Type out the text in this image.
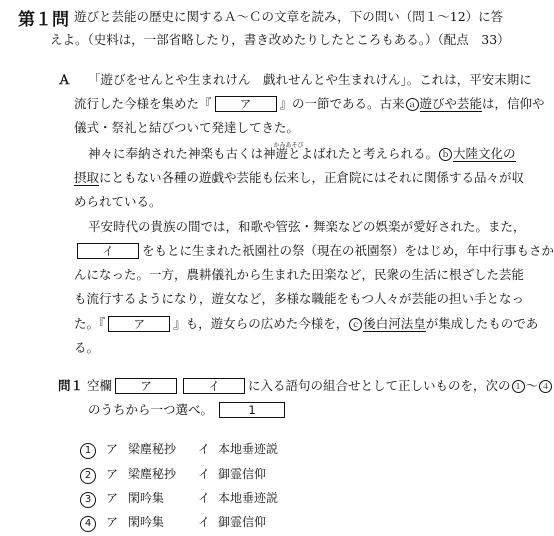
第１問 遊びと芸能の歴史に関するＡ～Ｃの文章を読み，下の問い（問１～12）に答
えよ。（史料は，一部省略したり，書き改めたりしたところもある。）（配点　33）
Ａ 「遊びをせんとや生まれけん　戯れせんとや生まれけん」。これは，平安末期に
流行した今様を集めた『 ア 』の一節である。古来 ａ 遊びや芸能は，信仰や
儀式・祭礼と結びついて発達してきた。
神々に奉納された神楽も古くは神
かみあそび
遊とよばれたと考えられる。 ｂ 大陸文化の
摂取にともない各種の遊戯や芸能も伝来し，正倉院にはそれに関係する品々が収
められている。
平安時代の貴族の間では，和歌や管弦・舞楽などの娯楽が愛好された。また，
イ をもとに生まれた祇園社の祭（現在の祇園祭）をはじめ，年中行事もさか
んになった。一方，農耕儀礼から生まれた田楽など，民衆の生活に根ざした芸能
も流行するようになり，遊女など，多様な職能をもつ人々が芸能の担い手となっ
た。『 ア 』も，遊女らの広めた今様を， ｃ 後白河法皇が集成したものであ
る。
問１ 空欄 ア	イ に入る語句の組合せとして正しいものを，次の １ ～ ４
のうちから一つ選べ。	1
1 ア 梁塵秘抄 イ 本地垂迹説
2 ア 梁塵秘抄 イ 御霊信仰
3 ア 閑吟集	イ 本地垂迹説
4 ア 閑吟集	イ 御霊信仰
